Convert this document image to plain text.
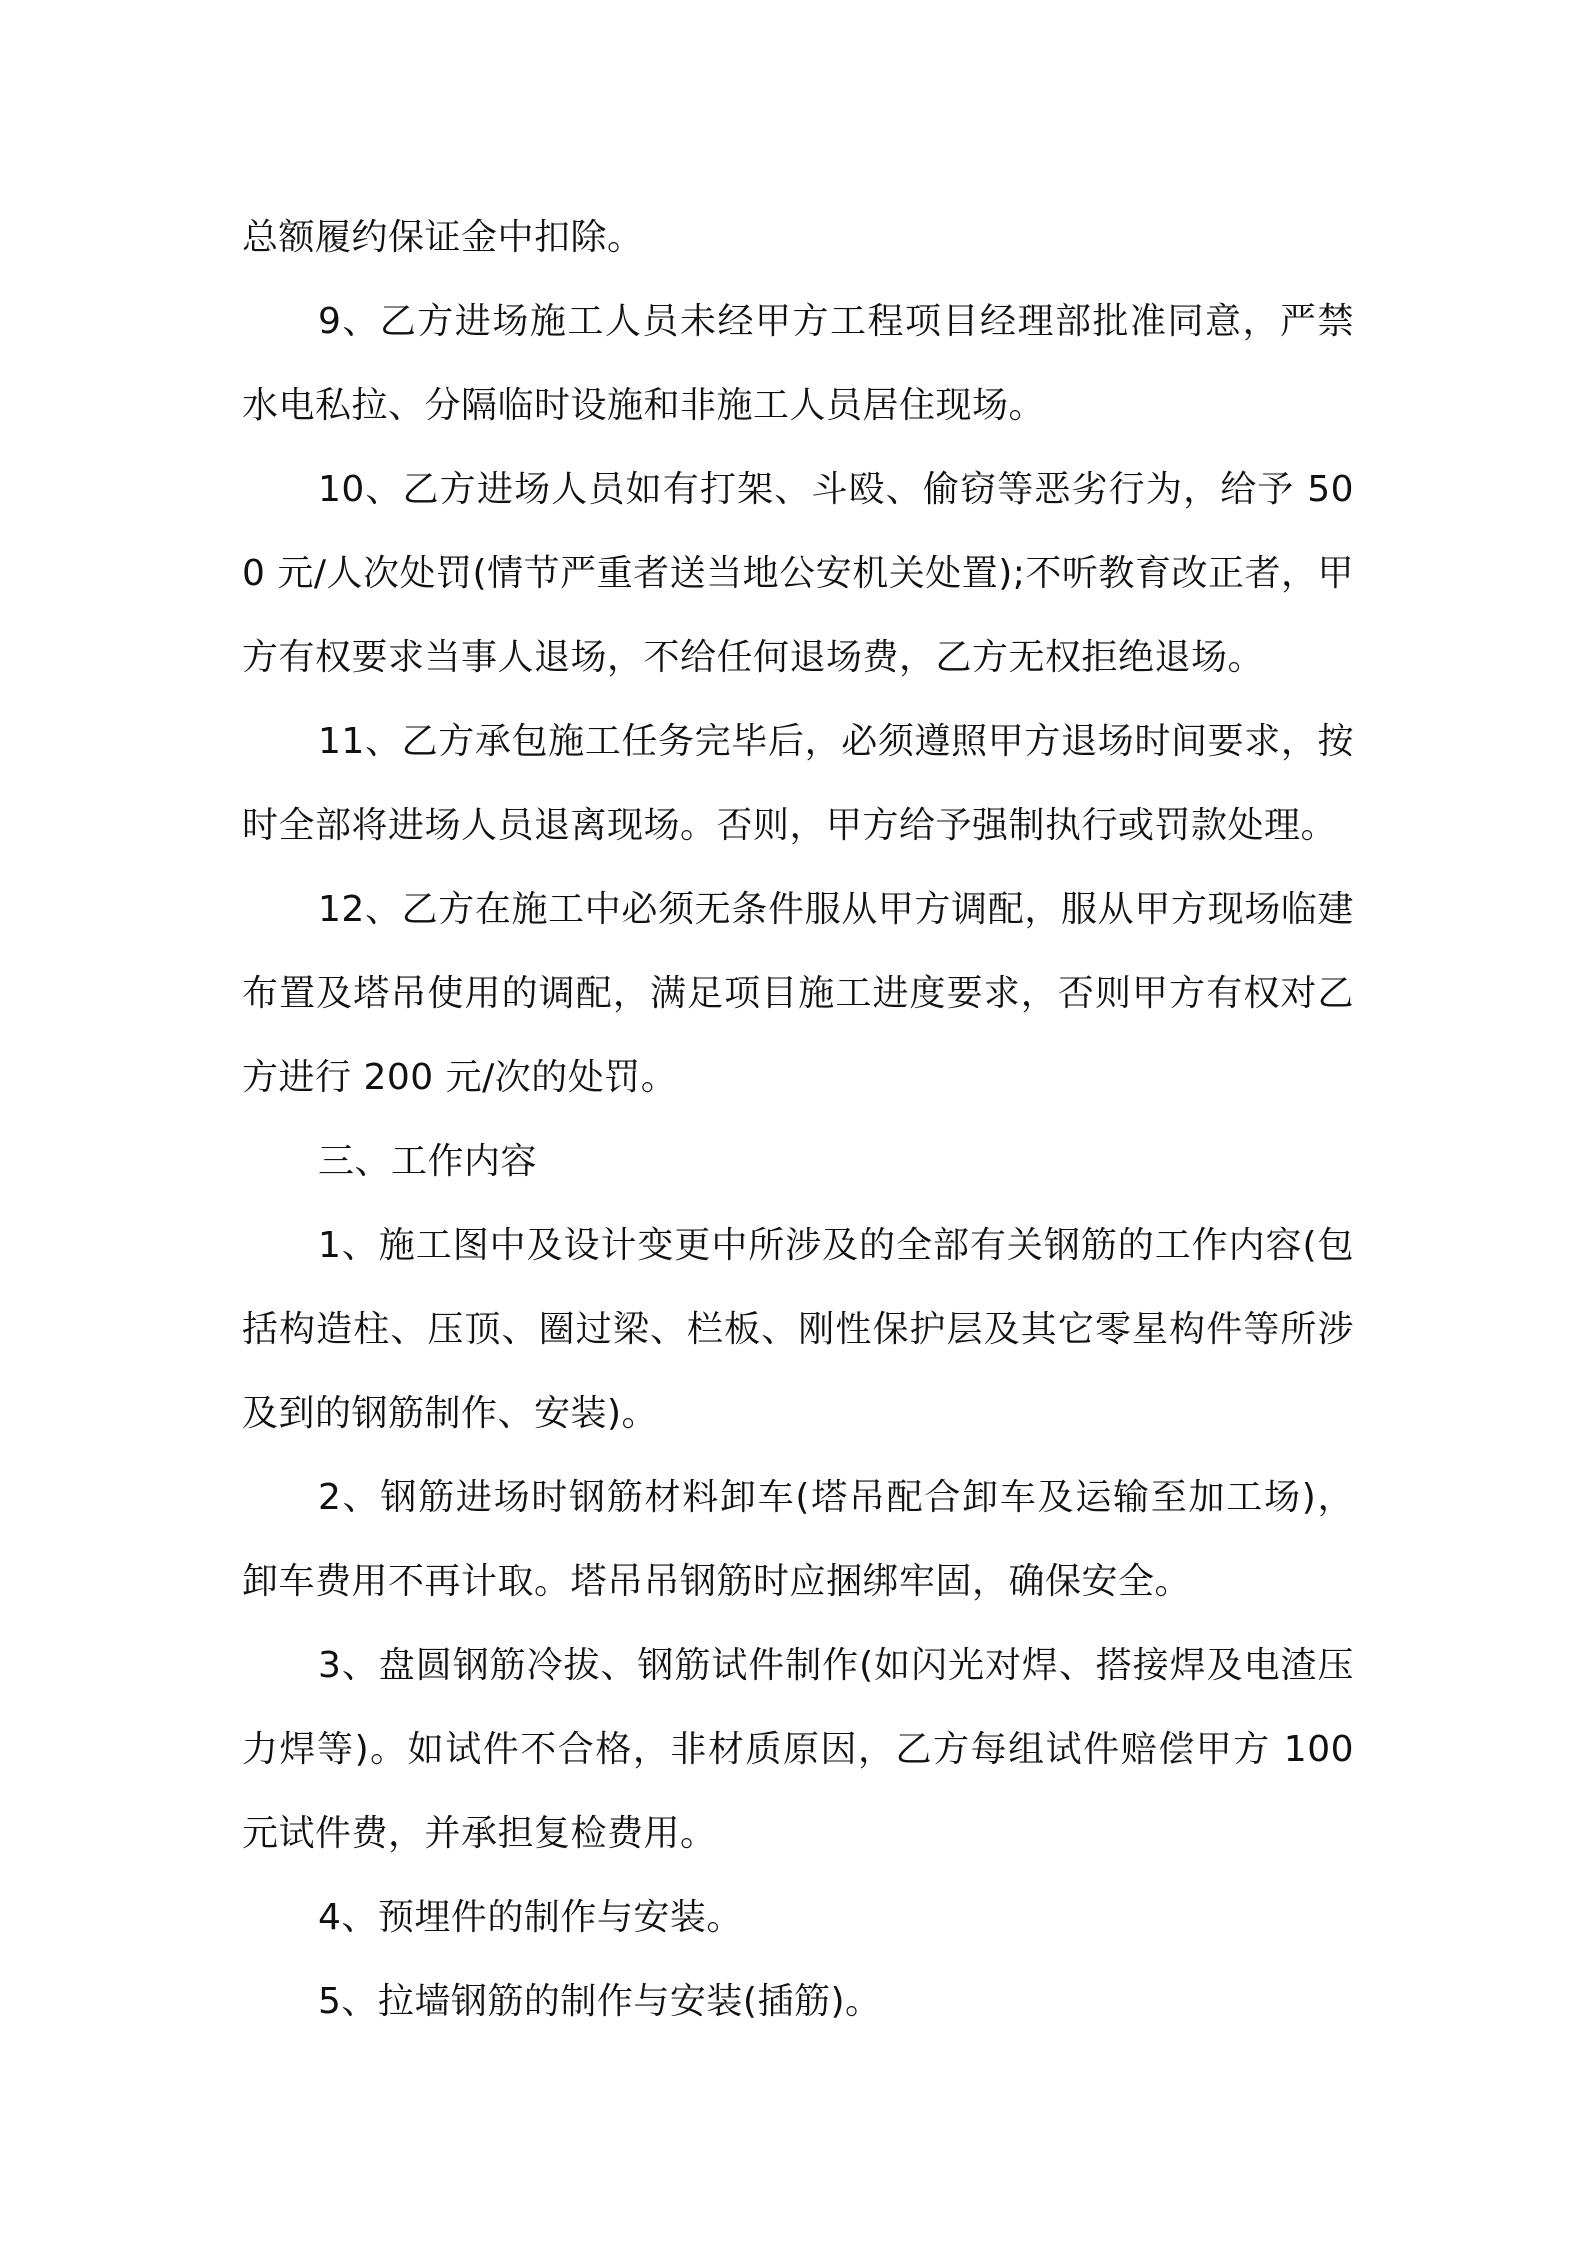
总额履约保证金中扣除。

9、乙方进场施工人员未经甲方工程项目经理部批准同意，严禁水电私拉、分隔临时设施和非施工人员居住现场。

10、乙方进场人员如有打架、斗殴、偷窃等恶劣行为，给予 500 元/人次处罚(情节严重者送当地公安机关处置);不听教育改正者，甲方有权要求当事人退场，不给任何退场费，乙方无权拒绝退场。

11、乙方承包施工任务完毕后，必须遵照甲方退场时间要求，按时全部将进场人员退离现场。否则，甲方给予强制执行或罚款处理。

12、乙方在施工中必须无条件服从甲方调配，服从甲方现场临建布置及塔吊使用的调配，满足项目施工进度要求，否则甲方有权对乙方进行 200 元/次的处罚。

三、工作内容

1、施工图中及设计变更中所涉及的全部有关钢筋的工作内容(包括构造柱、压顶、圈过梁、栏板、刚性保护层及其它零星构件等所涉及到的钢筋制作、安装)。

2、钢筋进场时钢筋材料卸车(塔吊配合卸车及运输至加工场)，卸车费用不再计取。塔吊吊钢筋时应捆绑牢固，确保安全。

3、盘圆钢筋冷拔、钢筋试件制作(如闪光对焊、搭接焊及电渣压力焊等)。如试件不合格，非材质原因，乙方每组试件赔偿甲方 100 元试件费，并承担复检费用。

4、预埋件的制作与安装。

5、拉墙钢筋的制作与安装(插筋)。
